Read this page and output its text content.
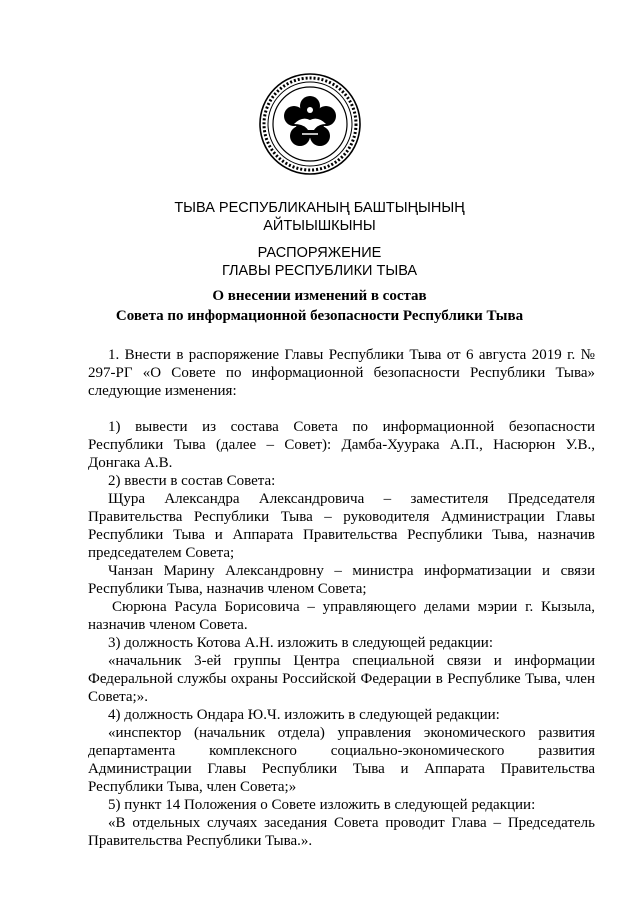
ТЫВА РЕСПУБЛИКАНЫҢ БАШТЫҢЫНЫҢ
АЙТЫЫШКЫНЫ
РАСПОРЯЖЕНИЕ
ГЛАВЫ РЕСПУБЛИКИ ТЫВА
О внесении изменений в состав
Совета по информационной безопасности Республики Тыва

1. Внести в распоряжение Главы Республики Тыва от 6 августа 2019 г. № 297-РГ «О Совете по информационной безопасности Республики Тыва» следующие изменения:

1) вывести из состава Совета по информационной безопасности Республики Тыва (далее – Совет): Дамба-Хуурака А.П., Насюрюн У.В., Донгака А.В.

2) ввести в состав Совета:

Щура Александра Александровича – заместителя Председателя Правительства Республики Тыва – руководителя Администрации Главы Республики Тыва и Аппарата Правительства Республики Тыва, назначив председателем Совета;

Чанзан Марину Александровну – министра информатизации и связи Республики Тыва, назначив членом Совета;

Сюрюна Расула Борисовича – управляющего делами мэрии г. Кызыла, назначив членом Совета.

3) должность Котова А.Н. изложить в следующей редакции:

«начальник 3-ей группы Центра специальной связи и информации Федеральной службы охраны Российской Федерации в Республике Тыва, член Совета;».

4) должность Ондара Ю.Ч. изложить в следующей редакции:

«инспектор (начальник отдела) управления экономического развития департамента комплексного социально-экономического развития Администрации Главы Республики Тыва и Аппарата Правительства Республики Тыва, член Совета;»

5) пункт 14 Положения о Совете изложить в следующей редакции:

«В отдельных случаях заседания Совета проводит Глава – Председатель Правительства Республики Тыва.».
